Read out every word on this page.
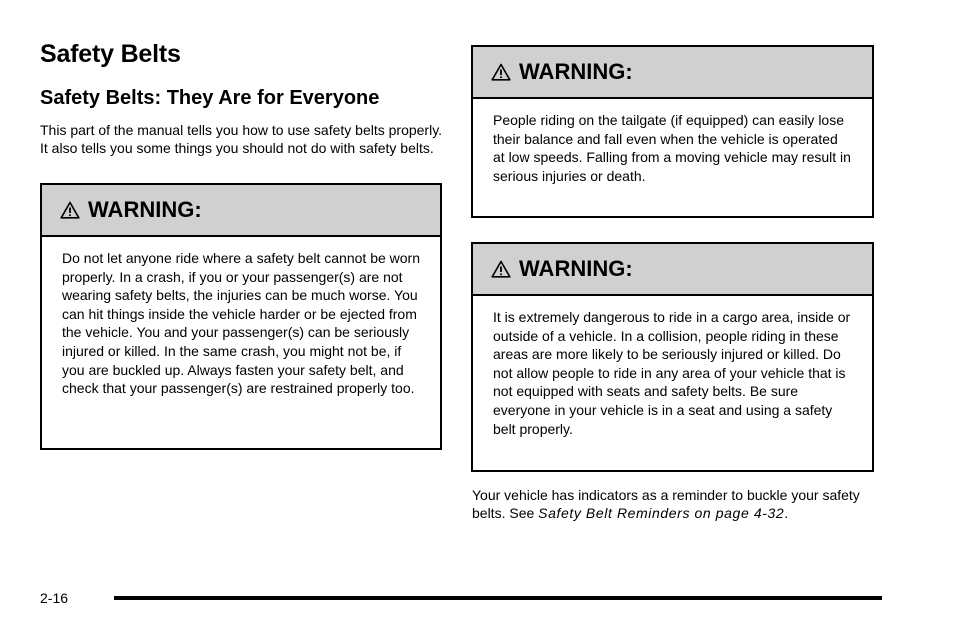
Safety Belts
Safety Belts: They Are for Everyone

This part of the manual tells you how to use safety belts properly. It also tells you some things you should not do with safety belts.

WARNING:
Do not let anyone ride where a safety belt cannot be worn properly. In a crash, if you or your passenger(s) are not wearing safety belts, the injuries can be much worse. You can hit things inside the vehicle harder or be ejected from the vehicle. You and your passenger(s) can be seriously injured or killed. In the same crash, you might not be, if you are buckled up. Always fasten your safety belt, and check that your passenger(s) are restrained properly too.
WARNING:
People riding on the tailgate (if equipped) can easily lose their balance and fall even when the vehicle is operated at low speeds. Falling from a moving vehicle may result in serious injuries or death.
WARNING:
It is extremely dangerous to ride in a cargo area, inside or outside of a vehicle. In a collision, people riding in these areas are more likely to be seriously injured or killed. Do not allow people to ride in any area of your vehicle that is not equipped with seats and safety belts. Be sure everyone in your vehicle is in a seat and using a safety belt properly.

Your vehicle has indicators as a reminder to buckle your safety belts. See Safety Belt Reminders on page 4-32.

2-16
